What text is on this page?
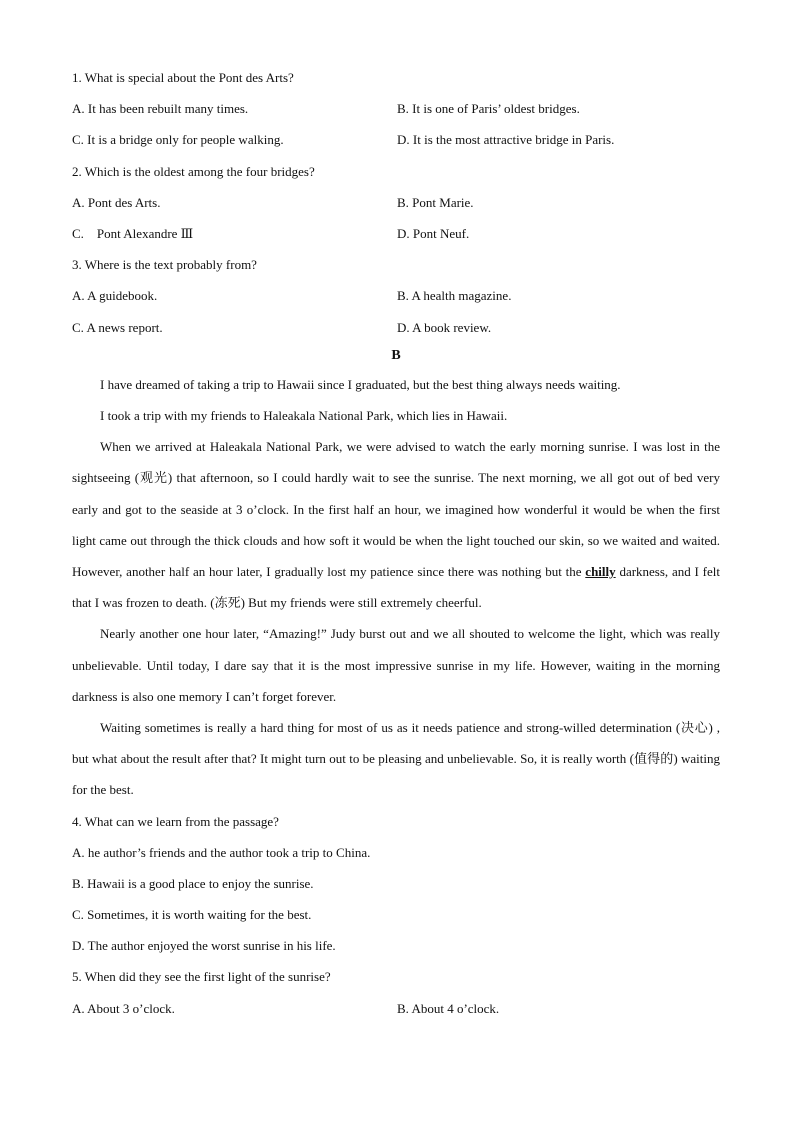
1. What is special about the Pont des Arts?
A. It has been rebuilt many times.	B. It is one of Paris’ oldest bridges.
C. It is a bridge only for people walking.	D. It is the most attractive bridge in Paris.
2. Which is the oldest among the four bridges?
A. Pont des Arts.	B. Pont Marie.
C.    Pont Alexandre Ⅲ	D. Pont Neuf.
3. Where is the text probably from?
A. A guidebook.	B. A health magazine.
C. A news report.	D. A book review.
B
I have dreamed of taking a trip to Hawaii since I graduated, but the best thing always needs waiting.
I took a trip with my friends to Haleakala National Park, which lies in Hawaii.
When we arrived at Haleakala National Park, we were advised to watch the early morning sunrise. I was lost in the sightseeing (观光) that afternoon, so I could hardly wait to see the sunrise. The next morning, we all got out of bed very early and got to the seaside at 3 o’clock. In the first half an hour, we imagined how wonderful it would be when the first light came out through the thick clouds and how soft it would be when the light touched our skin, so we waited and waited. However, another half an hour later, I gradually lost my patience since there was nothing but the chilly darkness, and I felt that I was frozen to death. (冻死) But my friends were still extremely cheerful.
Nearly another one hour later, “Amazing!” Judy burst out and we all shouted to welcome the light, which was really unbelievable. Until today, I dare say that it is the most impressive sunrise in my life. However, waiting in the morning darkness is also one memory I can’t forget forever.
Waiting sometimes is really a hard thing for most of us as it needs patience and strong-willed determination (决心) , but what about the result after that? It might turn out to be pleasing and unbelievable. So, it is really worth (值得的) waiting for the best.
4. What can we learn from the passage?
A. he author’s friends and the author took a trip to China.
B. Hawaii is a good place to enjoy the sunrise.
C. Sometimes, it is worth waiting for the best.
D. The author enjoyed the worst sunrise in his life.
5. When did they see the first light of the sunrise?
A. About 3 o’clock.	B. About 4 o’clock.
